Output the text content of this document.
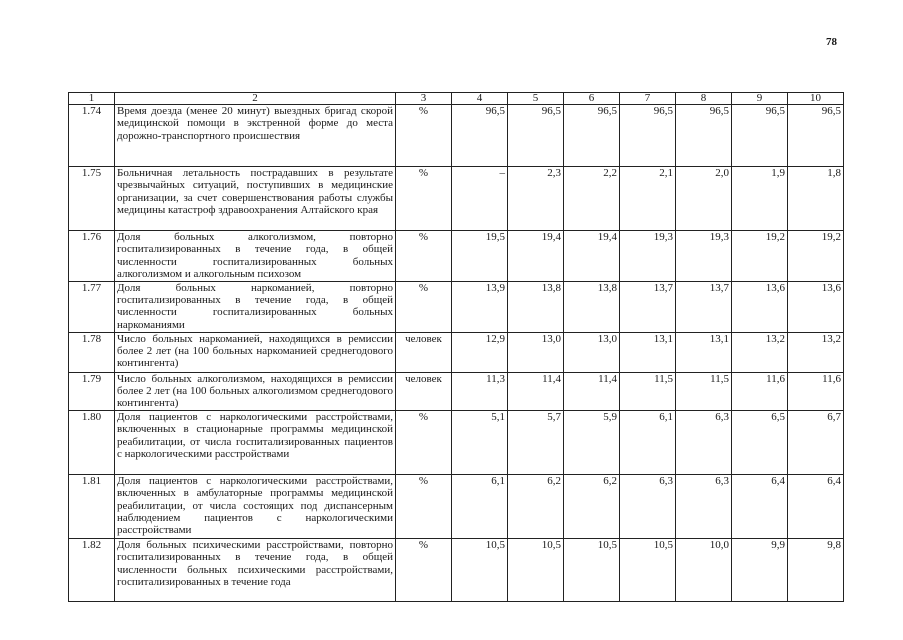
78
1	2	3	4	5	6	7	8	9	10
1.74	Время доезда (менее 20 минут) выездных бригад скорой медицинской помощи в экстренной форме до места дорожно-транспортного происшествия	%	96,5	96,5	96,5	96,5	96,5	96,5	96,5
1.75	Больничная летальность пострадавших в результате чрезвычайных ситуаций, поступивших в медицинские организации, за счет совершенствования работы службы медицины катастроф здравоохранения Алтайского края	%	–	2,3	2,2	2,1	2,0	1,9	1,8
1.76	Доля больных алкоголизмом, повторно госпитализированных в течение года, в общей численности госпитализированных больных алкоголизмом и алкогольным психозом	%	19,5	19,4	19,4	19,3	19,3	19,2	19,2
1.77	Доля больных наркоманией, повторно госпитализированных в течение года, в общей численности госпитализированных больных наркоманиями	%	13,9	13,8	13,8	13,7	13,7	13,6	13,6
1.78	Число больных наркоманией, находящихся в ремиссии более 2 лет (на 100 больных наркоманией среднегодового контингента)	человек	12,9	13,0	13,0	13,1	13,1	13,2	13,2
1.79	Число больных алкоголизмом, находящихся в ремиссии более 2 лет (на 100 больных алкоголизмом среднегодового контингента)	человек	11,3	11,4	11,4	11,5	11,5	11,6	11,6
1.80	Доля пациентов с наркологическими расстройствами, включенных в стационарные программы медицинской реабилитации, от числа госпитализированных пациентов с наркологическими расстройствами	%	5,1	5,7	5,9	6,1	6,3	6,5	6,7
1.81	Доля пациентов с наркологическими расстройствами, включенных в амбулаторные программы медицинской реабилитации, от числа состоящих под диспансерным наблюдением пациентов с наркологическими расстройствами	%	6,1	6,2	6,2	6,3	6,3	6,4	6,4
1.82	Доля больных психическими расстройствами, повторно госпитализированных в течение года, в общей численности больных психическими расстройствами, госпитализированных в течение года	%	10,5	10,5	10,5	10,5	10,0	9,9	9,8
